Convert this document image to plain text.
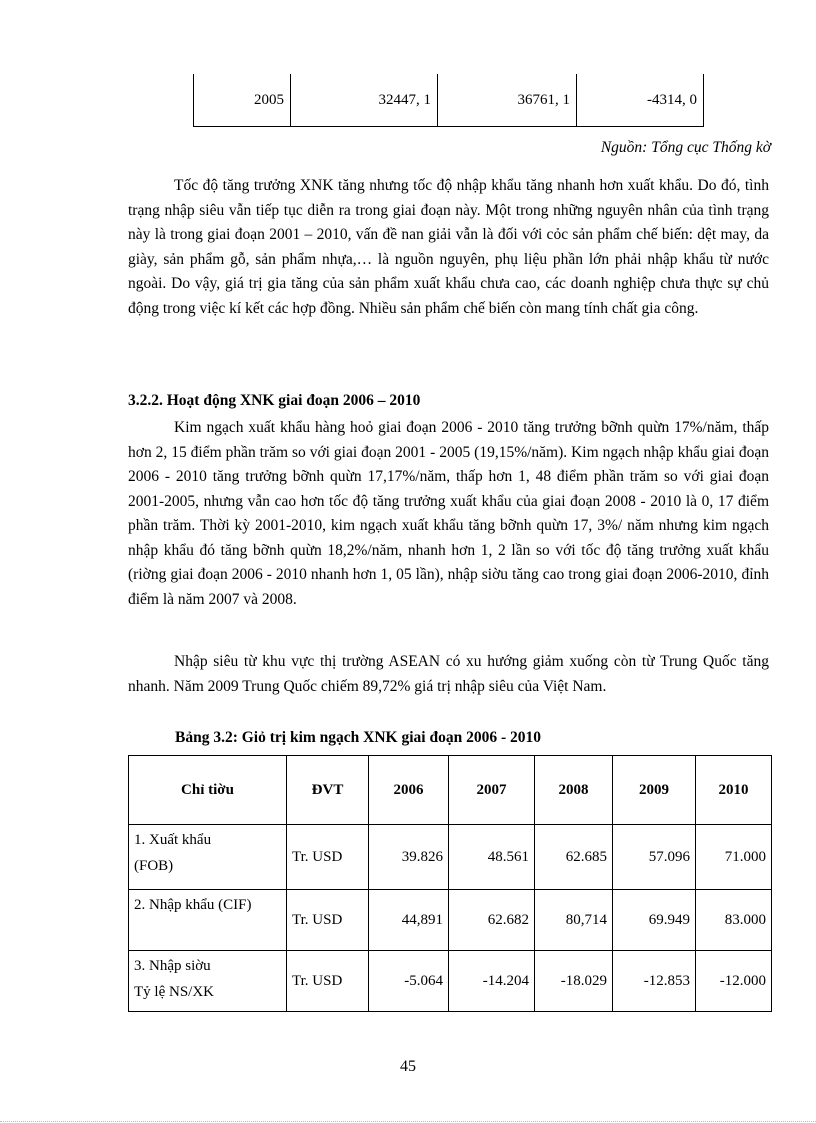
2005	32447, 1	36761, 1	-4314, 0
Nguồn: Tổng cục Thống kờ

Tốc độ tăng trưởng XNK tăng nhưng tốc độ nhập khẩu tăng nhanh hơn xuất khẩu. Do đó, tình trạng nhập siêu vẫn tiếp tục diễn ra trong giai đoạn này. Một trong những nguyên nhân của tình trạng này là trong giai đoạn 2001 – 2010, vấn đề nan giải vẫn là đối với cỏc sản phẩm chế biến: dệt may, da giày, sản phẩm gỗ, sản phẩm nhựa,… là nguồn nguyên, phụ liệu phần lớn phải nhập khẩu từ nước ngoài. Do vậy, giá trị gia tăng của sản phẩm xuất khẩu chưa cao, các doanh nghiệp chưa thực sự chủ động trong việc kí kết các hợp đồng. Nhiều sản phẩm chế biến còn mang tính chất gia công.

3.2.2. Hoạt động XNK giai đoạn 2006 – 2010

Kim ngạch xuất khẩu hàng hoỏ giai đoạn 2006 - 2010 tăng trưởng bỡnh quừn 17%/năm, thấp hơn 2, 15 điểm phần trăm so với giai đoạn 2001 - 2005 (19,15%/năm). Kim ngạch nhập khẩu giai đoạn 2006 - 2010 tăng trưởng bỡnh quừn 17,17%/năm, thấp hơn 1, 48 điểm phần trăm so với giai đoạn 2001-2005, nhưng vẫn cao hơn tốc độ tăng trưởng xuất khẩu của giai đoạn 2008 - 2010 là 0, 17 điểm phần trăm. Thời kỳ 2001-2010, kim ngạch xuất khẩu tăng bỡnh quừn 17, 3%/ năm nhưng kim ngạch nhập khẩu đó tăng bỡnh quừn 18,2%/năm, nhanh hơn 1, 2 lần so với tốc độ tăng trưởng xuất khẩu (riờng giai đoạn 2006 - 2010 nhanh hơn 1, 05 lần), nhập siờu tăng cao trong giai đoạn 2006-2010, đỉnh điểm là năm 2007 và 2008.

Nhập siêu từ khu vực thị trường ASEAN có xu hướng giảm xuống còn từ Trung Quốc tăng nhanh. Năm 2009 Trung Quốc chiếm 89,72% giá trị nhập siêu của Việt Nam.

Bảng 3.2: Giỏ trị kim ngạch XNK giai đoạn 2006 - 2010
Chỉ tiờu	ĐVT	2006	2007	2008	2009	2010

1. Xuất khẩu
(FOB)	Tr. USD	39.826	48.561	62.685	57.096	71.000

2. Nhập khẩu (CIF)	Tr. USD	44,891	62.682	80,714	69.949	83.000

3. Nhập siờu
Tỷ lệ NS/XK	Tr. USD	-5.064	-14.204	-18.029	-12.853	-12.000
45
